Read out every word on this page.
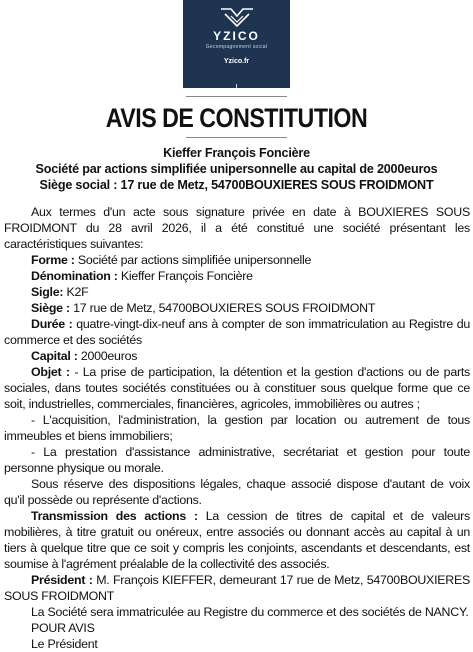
YZICO
Gecompagnement social
Yzico.fr
AVIS DE CONSTITUTION
Kieffer François Foncière
Société par actions simplifiée unipersonnelle au capital de 2000euros
Siège social : 17 rue de Metz, 54700BOUXIERES SOUS FROIDMONT

Aux termes d'un acte sous signature privée en date à BOUXIERES SOUS FROIDMONT du 28 avril 2026, il a été constitué une société présentant les caractéristiques suivantes:

Forme : Société par actions simplifiée unipersonnelle

Dénomination : Kieffer François Foncière

Sigle: K2F

Siège : 17 rue de Metz, 54700BOUXIERES SOUS FROIDMONT

Durée : quatre-vingt-dix-neuf ans à compter de son immatriculation au Registre du commerce et des sociétés

Capital : 2000euros

Objet : - La prise de participation, la détention et la gestion d'actions ou de parts sociales, dans toutes sociétés constituées ou à constituer sous quelque forme que ce soit, industrielles, commerciales, financières, agricoles, immobilières ou autres ;

- L'acquisition, l'administration, la gestion par location ou autrement de tous immeubles et biens immobiliers;

- La prestation d'assistance administrative, secrétariat et gestion pour toute personne physique ou morale.

Sous réserve des dispositions légales, chaque associé dispose d'autant de voix qu'il possède ou représente d'actions.

Transmission des actions : La cession de titres de capital et de valeurs mobilières, à titre gratuit ou onéreux, entre associés ou donnant accès au capital à un tiers à quelque titre que ce soit y compris les conjoints, ascendants et descendants, est soumise à l'agrément préalable de la collectivité des associés.

Président : M. François KIEFFER, demeurant 17 rue de Metz, 54700BOUXIERES SOUS FROIDMONT

La Société sera immatriculée au Registre du commerce et des sociétés de NANCY.

POUR AVIS

Le Président
